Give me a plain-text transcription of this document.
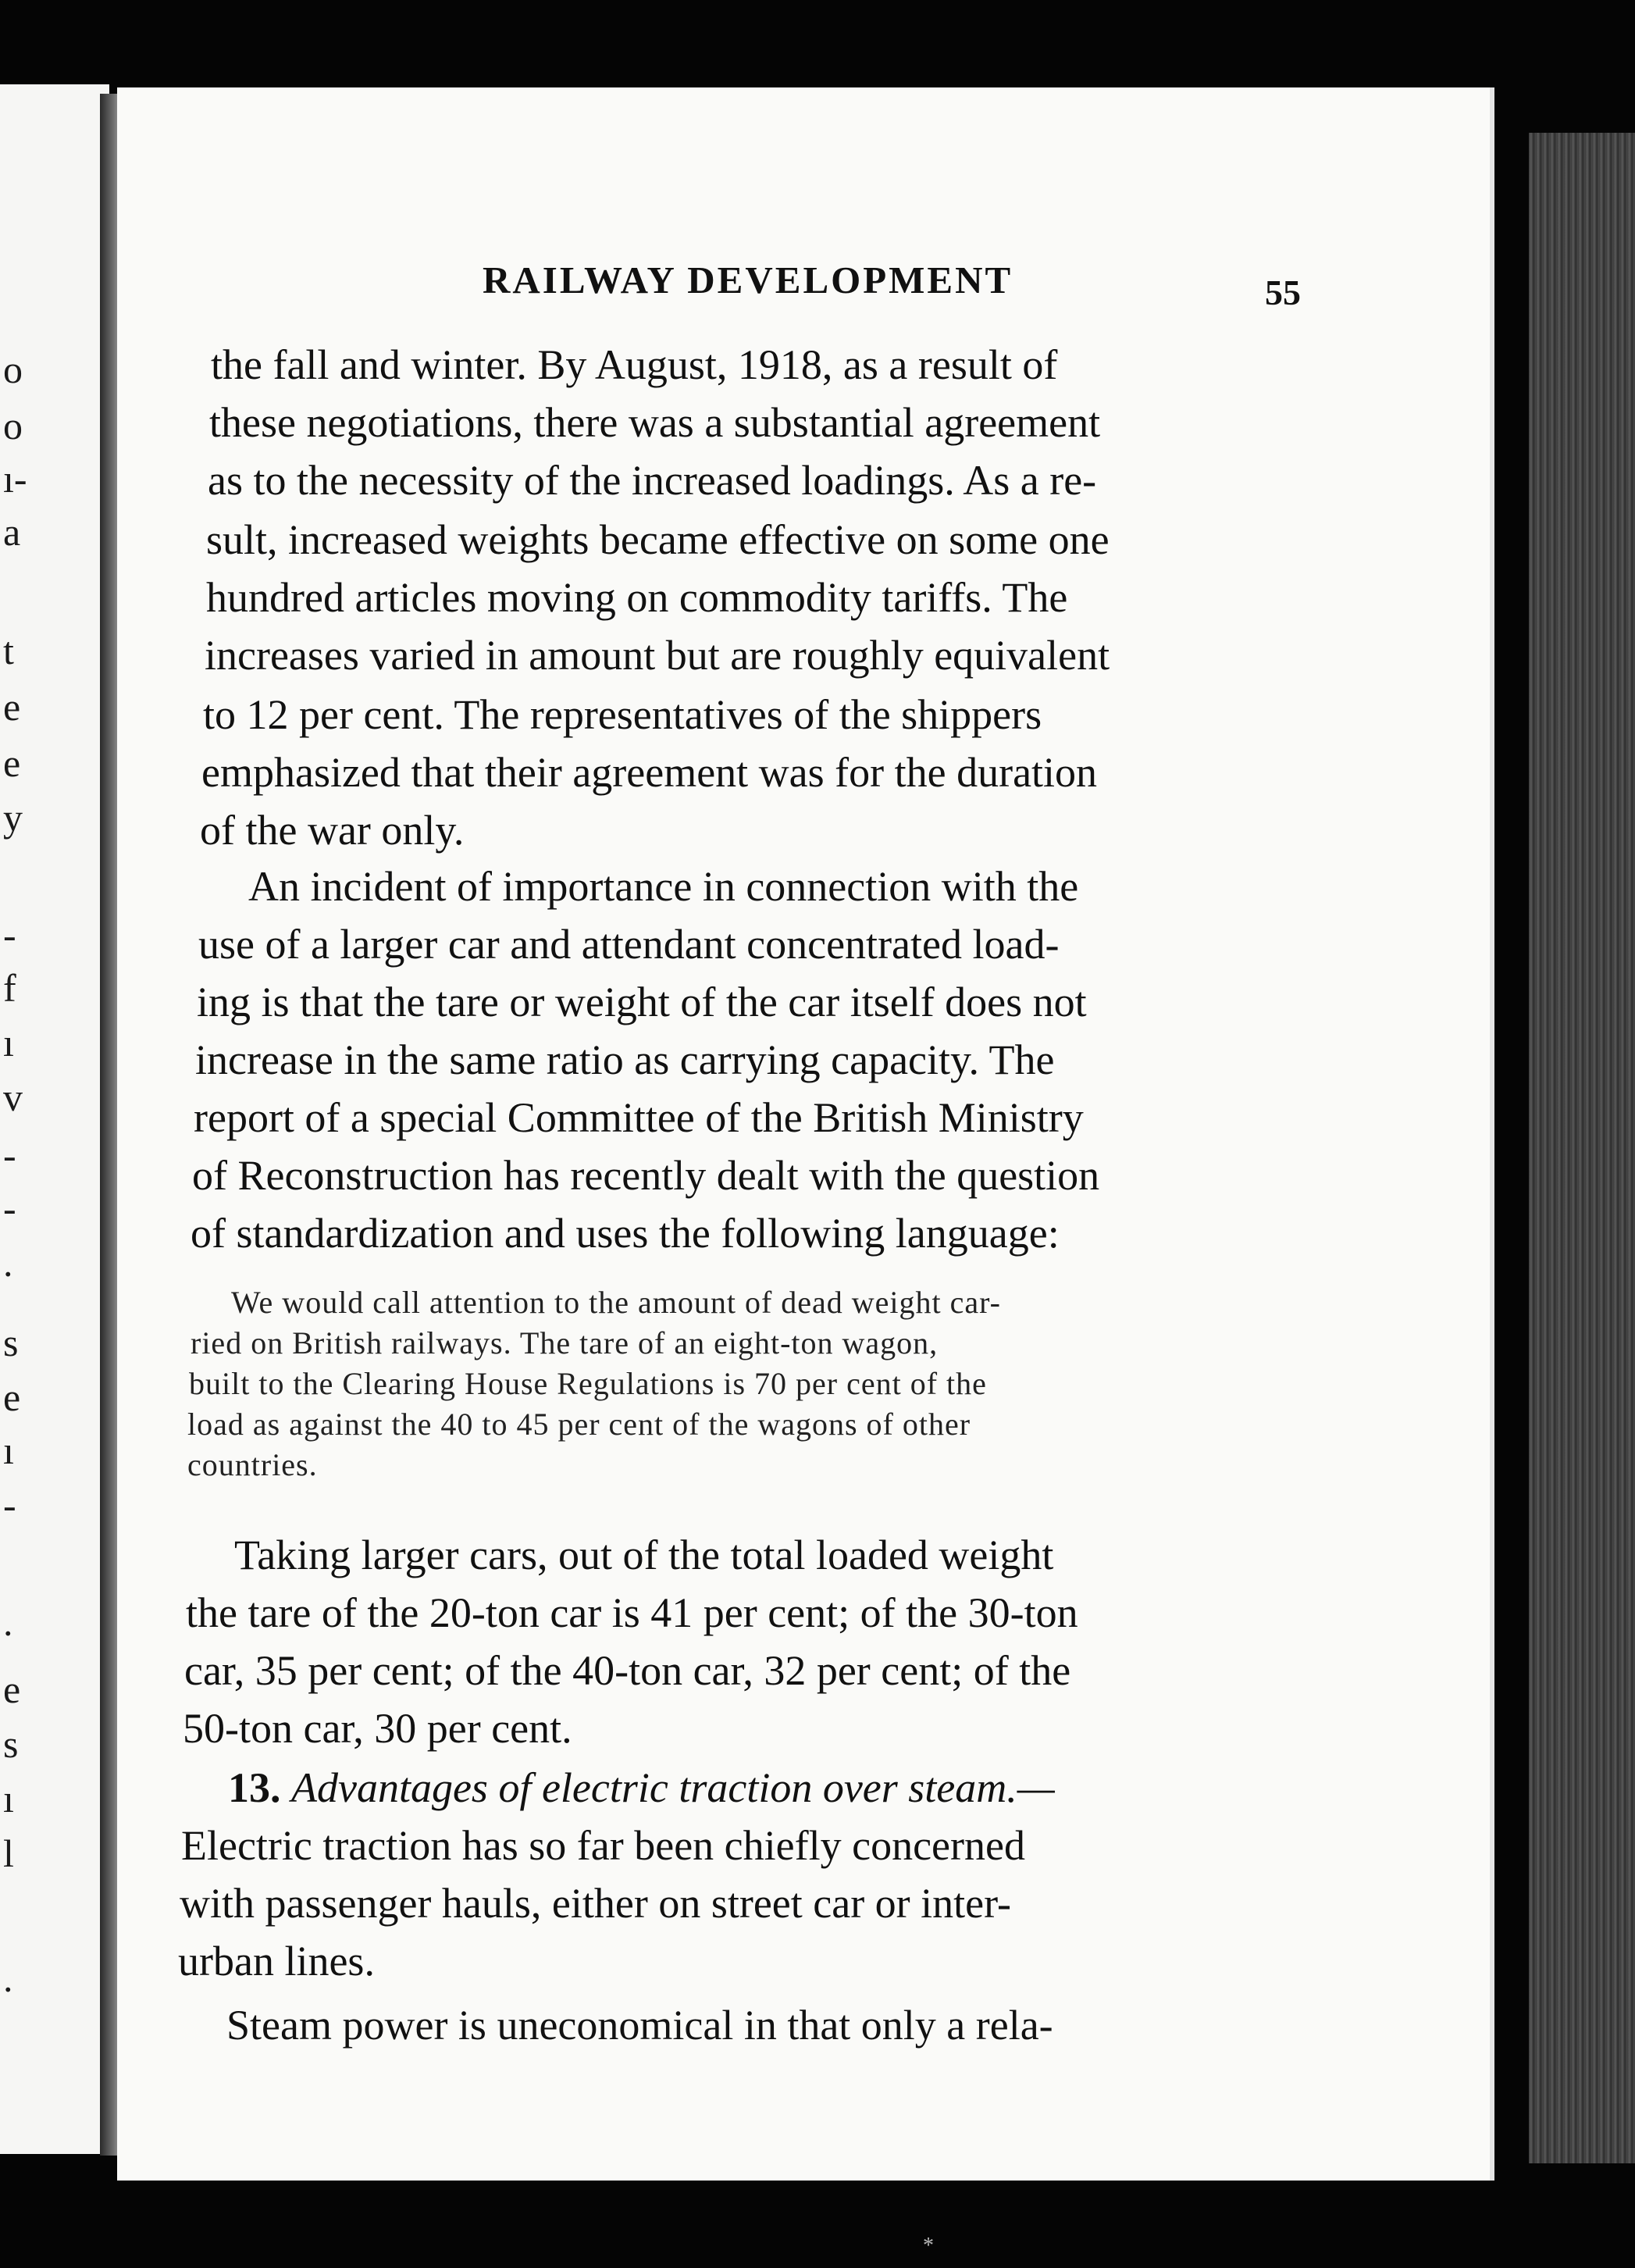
o
o
ı-
a
t
e
e
y
-
f
ı
v
-
-
.
s
e
ı
-
.
e
s
ı
l
.
RAILWAY DEVELOPMENT	55
the fall and winter. By August, 1918, as a result of
these negotiations, there was a substantial agreement
as to the necessity of the increased loadings. As a re-
sult, increased weights became effective on some one
hundred articles moving on commodity tariffs. The
increases varied in amount but are roughly equivalent
to 12 per cent. The representatives of the shippers
emphasized that their agreement was for the duration
of the war only.
An incident of importance in connection with the
use of a larger car and attendant concentrated load-
ing is that the tare or weight of the car itself does not
increase in the same ratio as carrying capacity. The
report of a special Committee of the British Ministry
of Reconstruction has recently dealt with the question
of standardization and uses the following language:
We would call attention to the amount of dead weight car-
ried on British railways. The tare of an eight-ton wagon,
built to the Clearing House Regulations is 70 per cent of the
load as against the 40 to 45 per cent of the wagons of other
countries.
Taking larger cars, out of the total loaded weight
the tare of the 20-ton car is 41 per cent; of the 30-ton
car, 35 per cent; of the 40-ton car, 32 per cent; of the
50-ton car, 30 per cent.
13. Advantages of electric traction over steam.—
Electric traction has so far been chiefly concerned
with passenger hauls, either on street car or inter-
urban lines.
Steam power is uneconomical in that only a rela-
*
